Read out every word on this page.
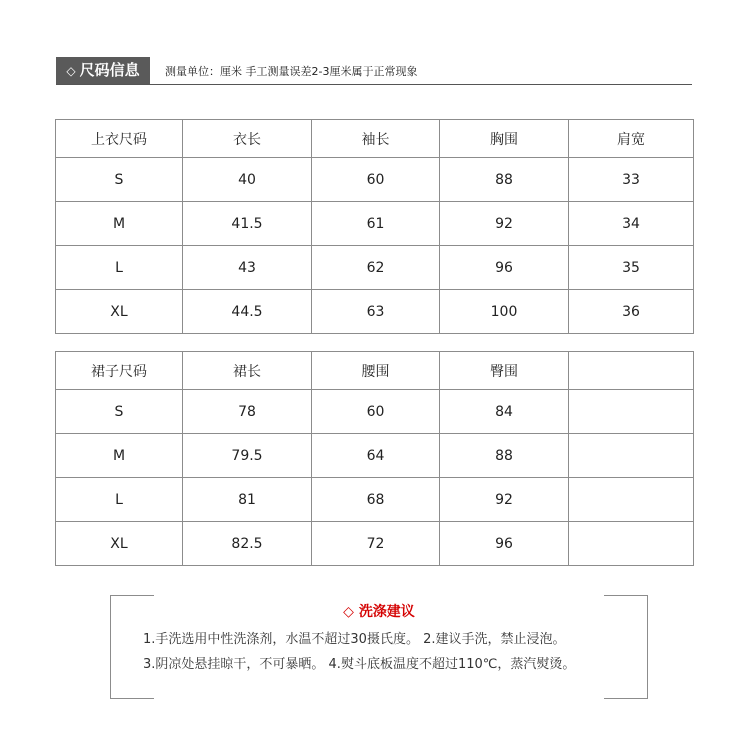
◇ 尺码信息	测量单位：厘米 手工测量误差2-3厘米属于正常现象
上衣尺码	衣长	袖长	胸围	肩宽
S	40	60	88	33
M	41.5	61	92	34
L	43	62	96	35
XL	44.5	63	100	36
裙子尺码	裙长	腰围	臀围	
S	78	60	84	
M	79.5	64	88	
L	81	68	92	
XL	82.5	72	96	
◇ 洗涤建议
1.手洗选用中性洗涤剂，水温不超过30摄氏度。 2.建议手洗，禁止浸泡。
3.阴凉处悬挂晾干，不可暴晒。 4.熨斗底板温度不超过110℃，蒸汽熨烫。
